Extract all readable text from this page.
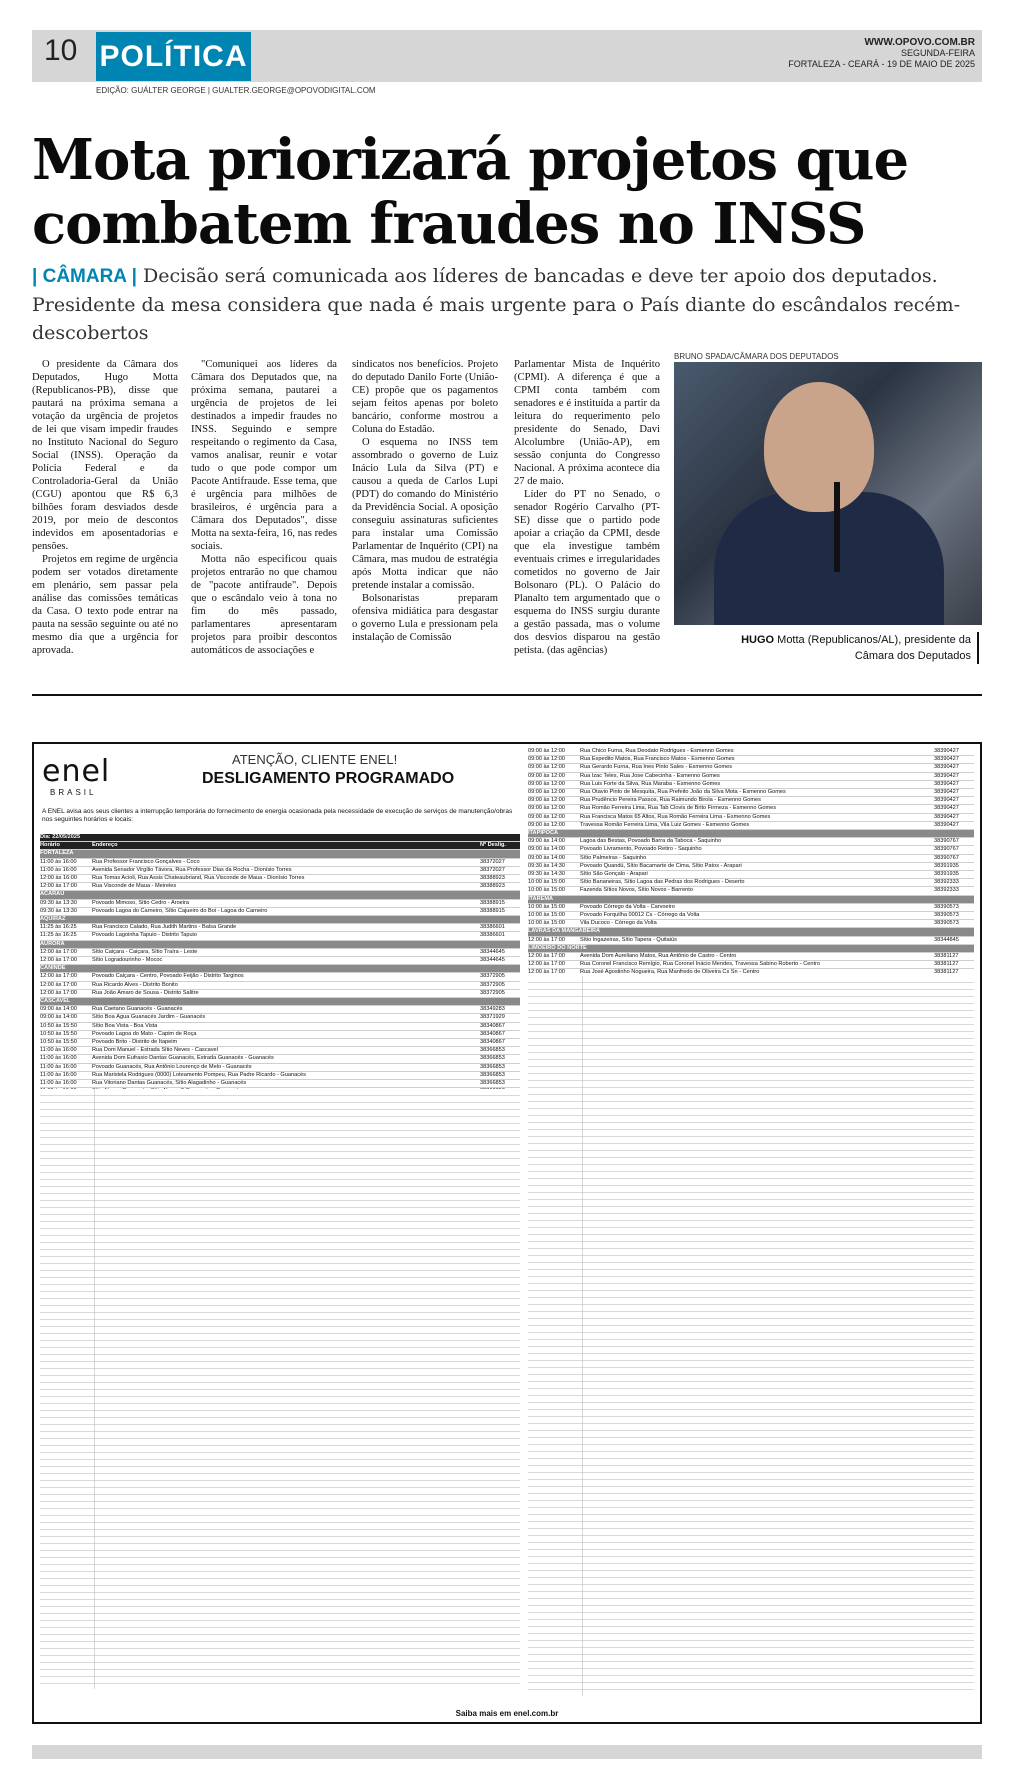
10 POLÍTICA	WWW.OPOVO.COM.BR
SEGUNDA-FEIRA
FORTALEZA - CEARÁ - 19 DE MAIO DE 2025
EDIÇÃO: GUÁLTER GEORGE | GUALTER.GEORGE@OPOVODIGITAL.COM
Mota priorizará projetos que combatem fraudes no INSS
| CÂMARA | Decisão será comunicada aos líderes de bancadas e deve ter apoio dos deputados. Presidente da mesa considera que nada é mais urgente para o País diante do escândalos recém-descobertos

O presidente da Câmara dos Deputados, Hugo Motta (Republicanos-PB), disse que pautará na próxima semana a votação da urgência de projetos de lei que visam impedir fraudes no Instituto Nacional do Seguro Social (INSS). Operação da Polícia Federal e da Controladoria-Geral da União (CGU) apontou que R$ 6,3 bilhões foram desviados desde 2019, por meio de descontos indevidos em aposentadorias e pensões.

Projetos em regime de urgência podem ser votados diretamente em plenário, sem passar pela análise das comissões temáticas da Casa. O texto pode entrar na pauta na sessão seguinte ou até no mesmo dia que a urgência for aprovada.

"Comuniquei aos líderes da Câmara dos Deputados que, na próxima semana, pautarei a urgência de projetos de lei destinados a impedir fraudes no INSS. Seguindo e sempre respeitando o regimento da Casa, vamos analisar, reunir e votar tudo o que pode compor um Pacote Antifraude. Esse tema, que é urgência para milhões de brasileiros, é urgência para a Câmara dos Deputados", disse Motta na sexta-feira, 16, nas redes sociais.

Motta não especificou quais projetos entrarão no que chamou de "pacote antifraude". Depois que o escândalo veio à tona no fim do mês passado, parlamentares apresentaram projetos para proibir descontos automáticos de associações e

sindicatos nos benefícios. Projeto do deputado Danilo Forte (União-CE) propõe que os pagamentos sejam feitos apenas por boleto bancário, conforme mostrou a Coluna do Estadão.

O esquema no INSS tem assombrado o governo de Luiz Inácio Lula da Silva (PT) e causou a queda de Carlos Lupi (PDT) do comando do Ministério da Previdência Social. A oposição conseguiu assinaturas suficientes para instalar uma Comissão Parlamentar de Inquérito (CPI) na Câmara, mas mudou de estratégia após Motta indicar que não pretende instalar a comissão.

Bolsonaristas preparam ofensiva midiática para desgastar o governo Lula e pressionam pela instalação de Comissão

Parlamentar Mista de Inquérito (CPMI). A diferença é que a CPMI conta também com senadores e é instituída a partir da leitura do requerimento pelo presidente do Senado, Davi Alcolumbre (União-AP), em sessão conjunta do Congresso Nacional. A próxima acontece dia 27 de maio.

Líder do PT no Senado, o senador Rogério Carvalho (PT-SE) disse que o partido pode apoiar a criação da CPMI, desde que ela investigue também eventuais crimes e irregularidades cometidos no governo de Jair Bolsonaro (PL). O Palácio do Planalto tem argumentado que o esquema do INSS surgiu durante a gestão passada, mas o volume dos desvios disparou na gestão petista. (das agências)

BRUNO SPADA/CÂMARA DOS DEPUTADOS
HUGO Motta (Republicanos/AL), presidente da Câmara dos Deputados
enel
BRASIL
ATENÇÃO, CLIENTE ENEL!
DESLIGAMENTO PROGRAMADO
A ENEL avisa aos seus clientes a interrupção temporária do fornecimento de energia ocasionada pela necessidade de execução de serviços de manutenção/obras nos seguintes horários e locais:
Dia: 22/05/2025
Horário	Endereço	Nº Deslig.
FORTALEZA
11:00 às 16:00	Rua Professor Francisco Gonçalves - Coco	38372027
11:00 às 16:00	Avenida Senador Virgílio Távora, Rua Professor Dias da Rocha - Dionísio Torres	38372027
12:00 às 16:00	Rua Tomas Acioli, Rua Assis Chateaubriand, Rua Visconde de Maua - Dionísio Torres	38388923
12:00 às 17:00	Rua Visconde de Maua - Meireles	38388923
ACARAÚ
09:30 às 13:30	Povoado Mimoso, Sítio Cedro - Aroeira	38388915
09:30 às 13:30	Povoado Lagoa do Carneiro, Sítio Cajueiro do Boi - Lagoa do Carneiro	38388915
AQUIRAZ
11:25 às 16:25	Rua Francisco Calado, Rua Judith Martins - Balsa Grande	38386601
11:25 às 16:25	Povoado Lagoinha Tapuio - Distrito Tapuio	38386601
AURORA
12:00 às 17:00	Sítio Caiçara - Caiçara, Sítio Traíra - Leste	38344645
12:00 às 17:00	Sítio Logradourinho - Mococ	38344645
CANINDÉ
12:00 às 17:00	Povoado Caiçara - Centro, Povoado Feijão - Distrito Targinos	38372905
12:00 às 17:00	Rua Ricardo Alves - Distrito Bonito	38372905
12:00 às 17:00	Rua João Amaro de Sousa - Distrito Salitre	38372905
CASCAVEL
09:00 às 14:00	Rua Caetano Guanacés - Guanacés	38349283
09:00 às 14:00	Sítio Boa Água Guanacés Jardim - Guanacés	38371929
10:50 às 15:50	Sítio Boa Vista - Boa Vista	38340867
10:50 às 15:50	Povoado Lagoa do Mato - Capim de Roça	38340867
10:50 às 15:50	Povoado Brito - Distrito de Itapeim	38340867
11:00 às 16:00	Rua Dom Manuel - Estrada Sítio Neves - Cascavel	38366853
11:00 às 16:00	Avenida Dom Eufrasio Dantas Guanacés, Estrada Guanacés - Guanacés	38366853
11:00 às 16:00	Povoado Guanacés, Rua Antônio Lourenço de Melo - Guanacés	38366853
11:00 às 16:00	Rua Maristela Rodrigues (0000) Loteamento Pompeu, Rua Padre Ricardo - Guanacés	38366853
11:00 às 16:00	Rua Vitoriano Dantas Guanacés, Sítio Alagadinho - Guanacés	38366853
09:00 às 12:00	Rua Chico Furna, Rua Deodato Rodrigues - Esmenno Gomes	38390427
09:00 às 12:00	Rua Expedito Matos, Rua Francisco Matos - Esmenno Gomes	38390427
09:00 às 12:00	Rua Gerardo Furna, Rua Ines Pinto Sales - Esmenno Gomes	38390427
09:00 às 12:00	Rua Izac Teles, Rua Jose Cabecinha - Esmenno Gomes	38390427
09:00 às 12:00	Rua Luis Forte da Silva, Rua Maraba - Esmenno Gomes	38390427
09:00 às 12:00	Rua Otavio Pinto de Mesquita, Rua Prefeito João da Silva Mota - Esmenno Gomes	38390427
09:00 às 12:00	Rua Prudêncio Pereira Passos, Rua Raimundo Birola - Esmenno Gomes	38390427
09:00 às 12:00	Rua Romão Ferreira Lima, Rua Tab Clovis de Brito Firmeza - Esmenno Gomes	38390427
09:00 às 12:00	Rua Francisca Matos 65 Altos, Rua Romão Ferreira Lima - Esmenno Gomes	38390427
09:00 às 12:00	Travessa Romão Ferreira Lima, Vila Luiz Gomes - Esmenno Gomes	38390427
ITAPIPOCA
09:00 às 14:00	Lagoa das Bestas, Povoado Barra da Taboca - Saquinho	38390767
09:00 às 14:00	Povoado Livramento, Povoado Retiro - Saquinho	38390767
09:00 às 14:00	Sítio Palmeiras - Saquinho	38390767
09:30 às 14:30	Povoado Quandú, Sítio Bacamarte de Cima, Sítio Patos - Arapari	38391935
09:30 às 14:30	Sítio São Gonçalo - Arapari	38391935
10:00 às 15:00	Sítio Bananeiras, Sítio Lagoa das Pedras dos Rodrigues - Deserto	38392333
10:00 às 15:00	Fazenda Sítios Novos, Sítio Novos - Barrento	38392333
ITAREMA
10:00 às 15:00	Povoado Córrego da Volta - Carvoeiro	38390573
10:00 às 15:00	Povoado Forquilha 00012 Cs - Córrego da Volta	38390573
10:00 às 15:00	Vila Ducoco - Córrego da Volta	38390573
LAVRAS DA MANGABEIRA
12:00 às 17:00	Sítio Ingazeiras, Sítio Tapera - Quitaiús	38344845
LIMOEIRO DO NORTE
12:00 às 17:00	Avenida Dom Aureliano Matos, Rua Antônio de Castro - Centro	38381127
12:00 às 17:00	Rua Coronel Francisco Remígio, Rua Coronel Inácio Mendes, Travessa Sabino Roberto - Centro	38381127
12:00 às 17:00	Rua José Agostinho Nogueira, Rua Manfredo de Oliveira Cs Sn - Centro	38381127
Saiba mais em enel.com.br
